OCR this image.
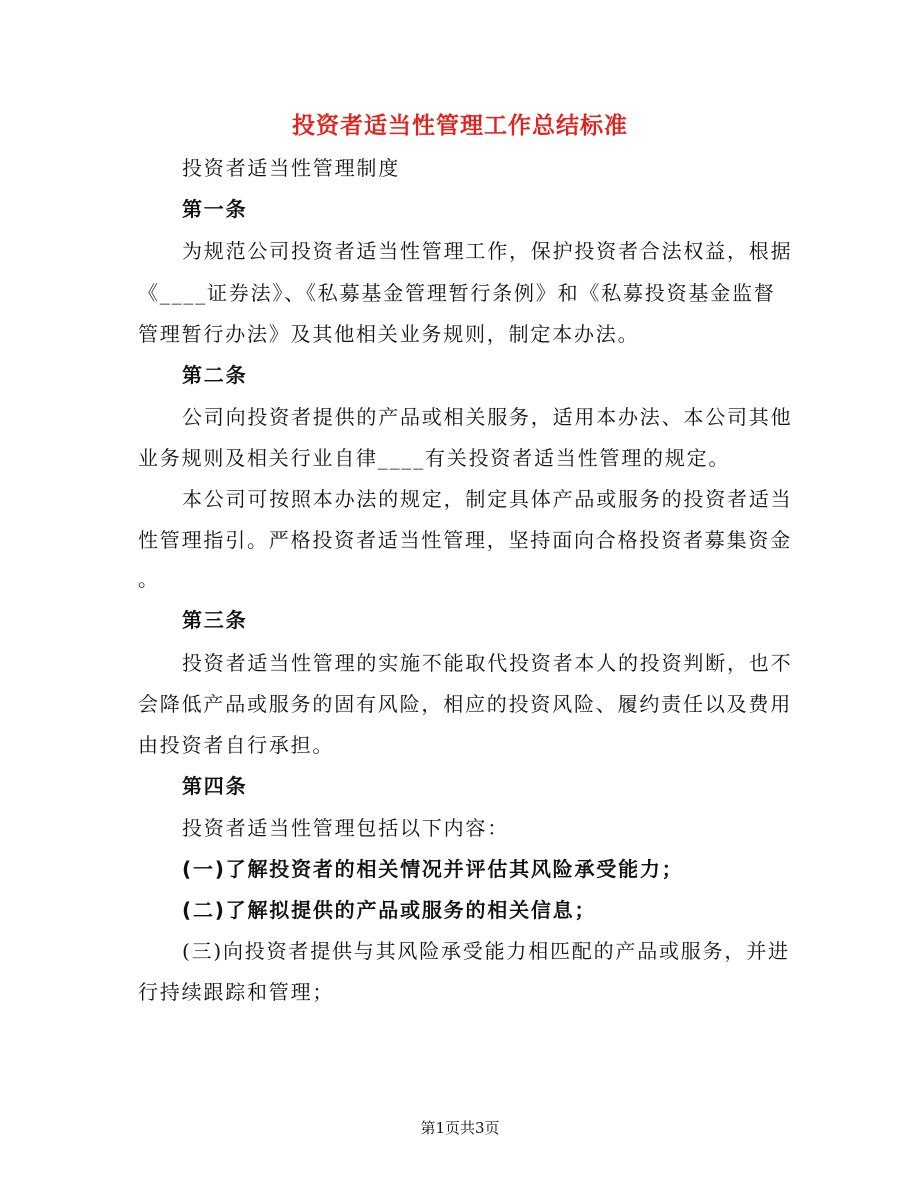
投资者适当性管理工作总结标准
投资者适当性管理制度
第一条
为规范公司投资者适当性管理工作，保护投资者合法权益，根据
《____证券法》、《私募基金管理暂行条例》和《私募投资基金监督
管理暂行办法》及其他相关业务规则，制定本办法。
第二条
公司向投资者提供的产品或相关服务，适用本办法、本公司其他
业务规则及相关行业自律____有关投资者适当性管理的规定。
本公司可按照本办法的规定，制定具体产品或服务的投资者适当
性管理指引。严格投资者适当性管理，坚持面向合格投资者募集资金
。
第三条
投资者适当性管理的实施不能取代投资者本人的投资判断，也不
会降低产品或服务的固有风险，相应的投资风险、履约责任以及费用
由投资者自行承担。
第四条
投资者适当性管理包括以下内容：
(一)了解投资者的相关情况并评估其风险承受能力；
(二)了解拟提供的产品或服务的相关信息；
(三)向投资者提供与其风险承受能力相匹配的产品或服务，并进
行持续跟踪和管理；
第1页共3页
